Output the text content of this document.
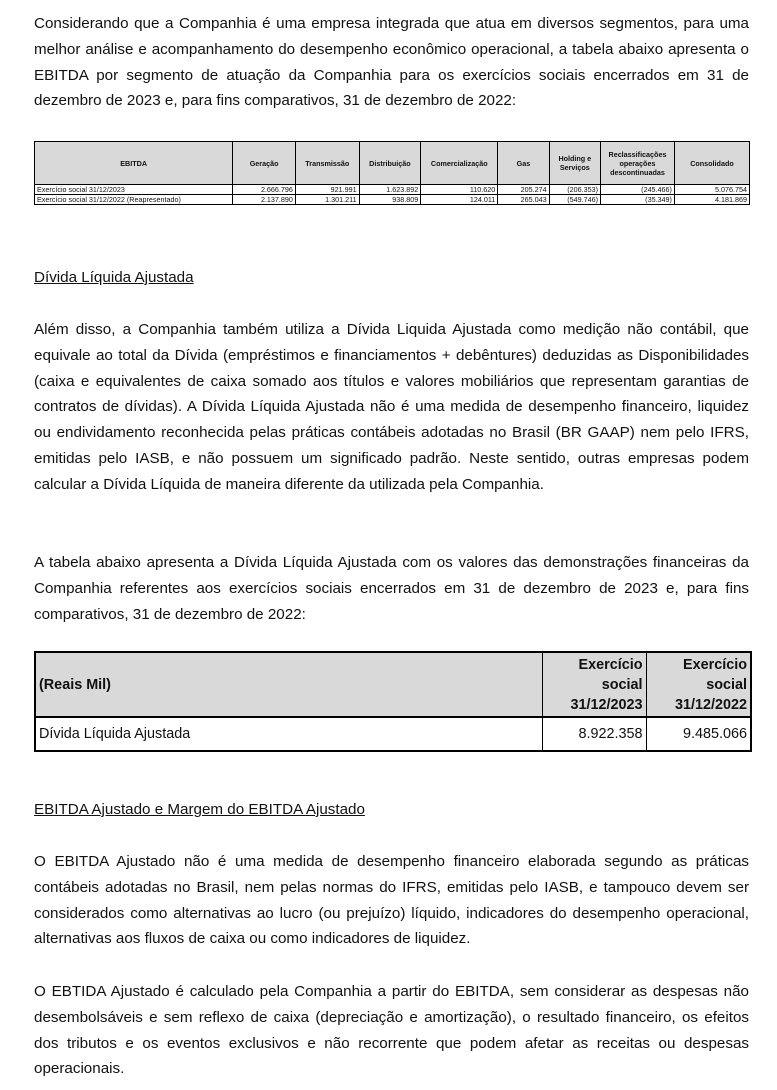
Considerando que a Companhia é uma empresa integrada que atua em diversos segmentos, para uma melhor análise e acompanhamento do desempenho econômico operacional, a tabela abaixo apresenta o EBITDA por segmento de atuação da Companhia para os exercícios sociais encerrados em 31 de dezembro de 2023 e, para fins comparativos, 31 de dezembro de 2022:

EBITDA	Geração	Transmissão	Distribuição	Comercialização	Gas	Holding e Serviços	Reclassificações operações descontinuadas	Consolidado
Exercício social 31/12/2023	2.666.796	921.991	1.623.892	110.620	205.274	(206.353)	(245.466)	5.076.754
Exercício social 31/12/2022 (Reapresentado)	2.137.890	1.301.211	938.809	124.011	265.043	(549.746)	(35.349)	4.181.869

Dívida Líquida Ajustada

Além disso, a Companhia também utiliza a Dívida Liquida Ajustada como medição não contábil, que equivale ao total da Dívida (empréstimos e financiamentos + debêntures) deduzidas as Disponibilidades (caixa e equivalentes de caixa somado aos títulos e valores mobiliários que representam garantias de contratos de dívidas). A Dívida Líquida Ajustada não é uma medida de desempenho financeiro, liquidez ou endividamento reconhecida pelas práticas contábeis adotadas no Brasil (BR GAAP) nem pelo IFRS, emitidas pelo IASB, e não possuem um significado padrão. Neste sentido, outras empresas podem calcular a Dívida Líquida de maneira diferente da utilizada pela Companhia.

A tabela abaixo apresenta a Dívida Líquida Ajustada com os valores das demonstrações financeiras da Companhia referentes aos exercícios sociais encerrados em 31 de dezembro de 2023 e, para fins comparativos, 31 de dezembro de 2022:

(Reais Mil)	Exercício
social
31/12/2023	Exercício
social
31/12/2022

Dívida Líquida Ajustada	8.922.358	9.485.066

EBITDA Ajustado e Margem do EBITDA Ajustado

O EBITDA Ajustado não é uma medida de desempenho financeiro elaborada segundo as práticas contábeis adotadas no Brasil, nem pelas normas do IFRS, emitidas pelo IASB, e tampouco devem ser considerados como alternativas ao lucro (ou prejuízo) líquido, indicadores do desempenho operacional, alternativas aos fluxos de caixa ou como indicadores de liquidez.

O EBTIDA Ajustado é calculado pela Companhia a partir do EBITDA, sem considerar as despesas não desembolsáveis e sem reflexo de caixa (depreciação e amortização), o resultado financeiro, os efeitos dos tributos e os eventos exclusivos e não recorrente que podem afetar as receitas ou despesas operacionais.
